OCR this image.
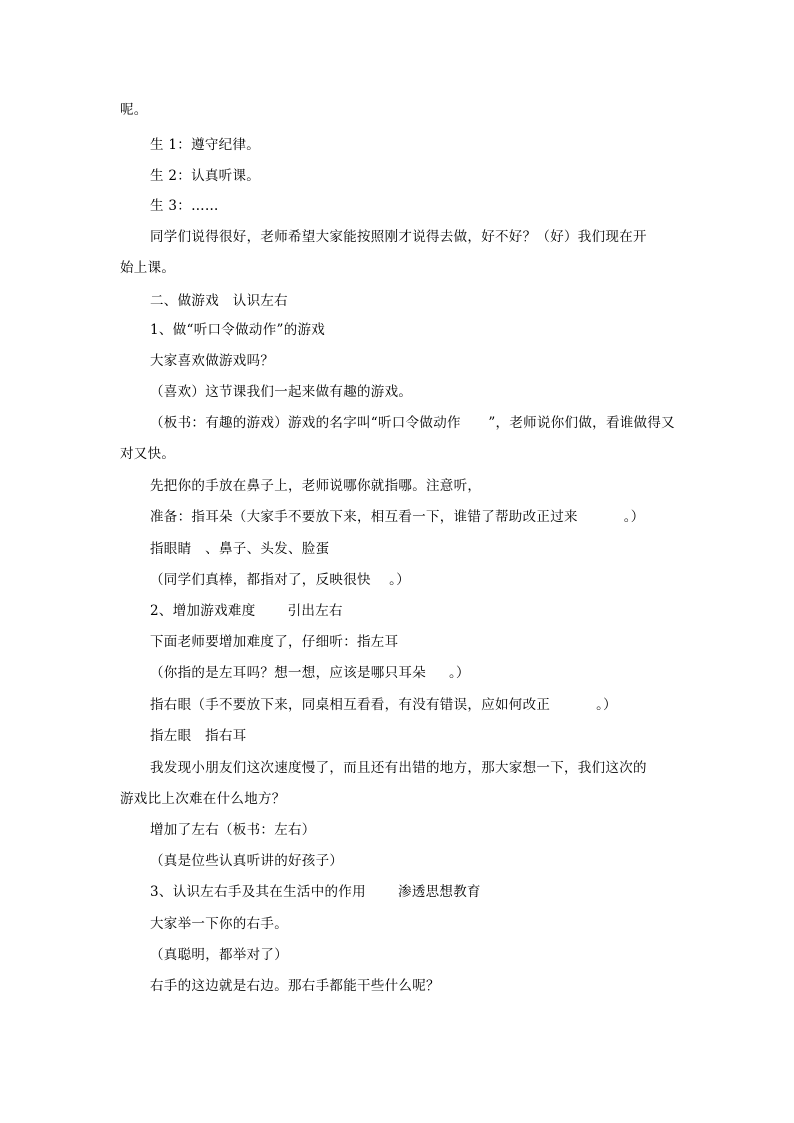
呢。
生 1：遵守纪律。
生 2：认真听课。
生 3：……
同学们说得很好，老师希望大家能按照刚才说得去做，好不好？（好）我们现在开
始上课。
二、做游戏   认识左右
1、做“听口令做动作”的游戏
大家喜欢做游戏吗？
（喜欢）这节课我们一起来做有趣的游戏。
（板书：有趣的游戏）游戏的名字叫“听口令做动作      ”，老师说你们做，看谁做得又
对又快。
先把你的手放在鼻子上，老师说哪你就指哪。注意听，
准备：指耳朵（大家手不要放下来，相互看一下，谁错了帮助改正过来          。）
指眼睛   、鼻子、头发、脸蛋
（同学们真棒，都指对了，反映很快    。）
2、增加游戏难度       引出左右
下面老师要增加难度了，仔细听：指左耳
（你指的是左耳吗？想一想，应该是哪只耳朵     。）
指右眼（手不要放下来，同桌相互看看，有没有错误，应如何改正          。）
指左眼   指右耳
我发现小朋友们这次速度慢了，而且还有出错的地方，那大家想一下，我们这次的
游戏比上次难在什么地方？
增加了左右（板书：左右）
（真是位些认真听讲的好孩子）
3、认识左右手及其在生活中的作用       渗透思想教育
大家举一下你的右手。
（真聪明，都举对了）
右手的这边就是右边。那右手都能干些什么呢？
